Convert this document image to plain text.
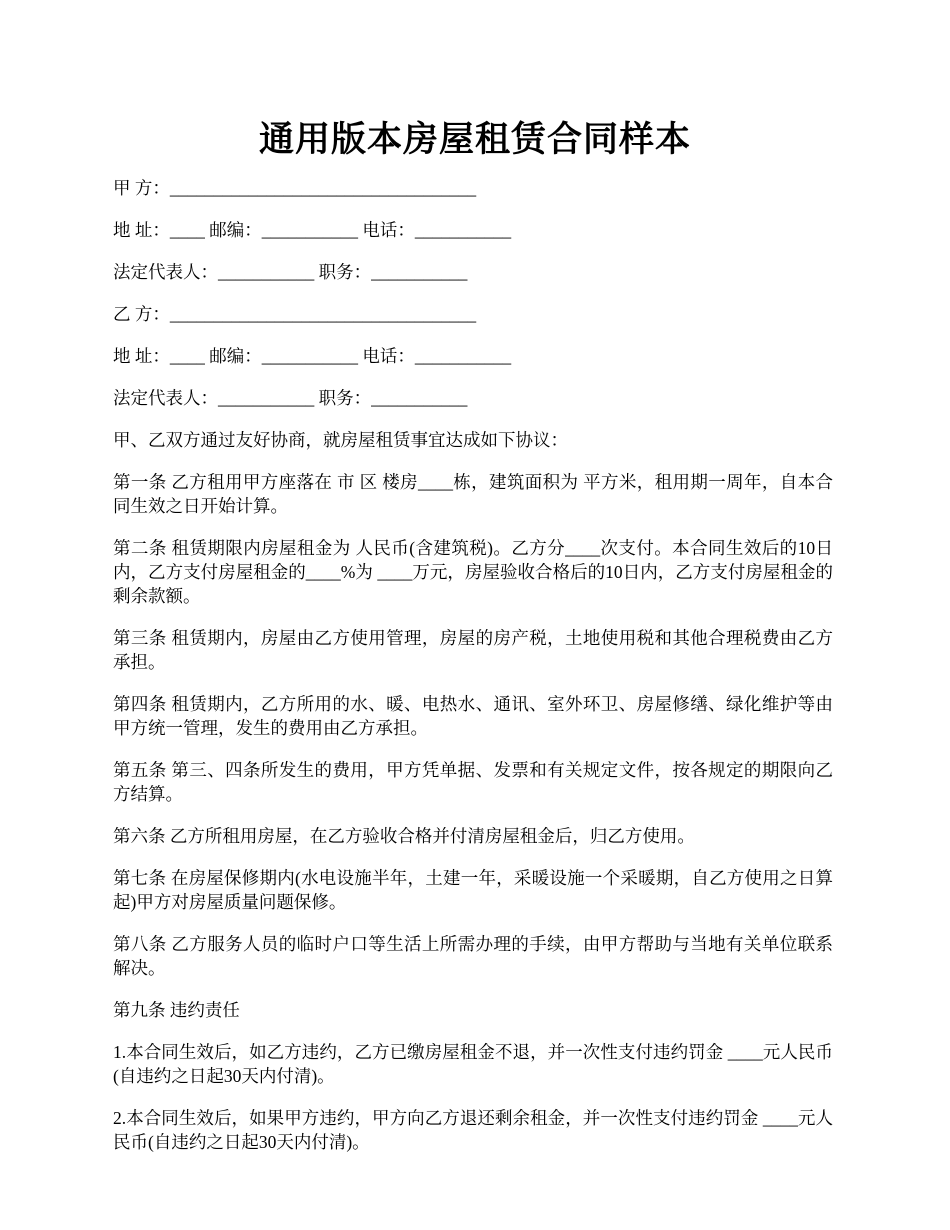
通用版本房屋租赁合同样本

甲 方：___________________________________

地 址：____ 邮编：___________ 电话：___________

法定代表人：___________ 职务：___________

乙 方：___________________________________

地 址：____ 邮编：___________ 电话：___________

法定代表人：___________ 职务：___________

甲、乙双方通过友好协商，就房屋租赁事宜达成如下协议：

第一条 乙方租用甲方座落在 市 区 楼房____栋，建筑面积为 平方米，租用期一周年，自本合同生效之日开始计算。

第二条 租赁期限内房屋租金为 人民币(含建筑税)。乙方分____次支付。本合同生效后的10日内，乙方支付房屋租金的____%为 ____万元，房屋验收合格后的10日内，乙方支付房屋租金的剩余款额。

第三条 租赁期内，房屋由乙方使用管理，房屋的房产税，土地使用税和其他合理税费由乙方承担。

第四条 租赁期内，乙方所用的水、暖、电热水、通讯、室外环卫、房屋修缮、绿化维护等由甲方统一管理，发生的费用由乙方承担。

第五条 第三、四条所发生的费用，甲方凭单据、发票和有关规定文件，按各规定的期限向乙方结算。

第六条 乙方所租用房屋，在乙方验收合格并付清房屋租金后，归乙方使用。

第七条 在房屋保修期内(水电设施半年，土建一年，采暖设施一个采暖期，自乙方使用之日算起)甲方对房屋质量问题保修。

第八条 乙方服务人员的临时户口等生活上所需办理的手续，由甲方帮助与当地有关单位联系解决。

第九条 违约责任

1.本合同生效后，如乙方违约，乙方已缴房屋租金不退，并一次性支付违约罚金 ____元人民币(自违约之日起30天内付清)。

2.本合同生效后，如果甲方违约，甲方向乙方退还剩余租金，并一次性支付违约罚金 ____元人民币(自违约之日起30天内付清)。
